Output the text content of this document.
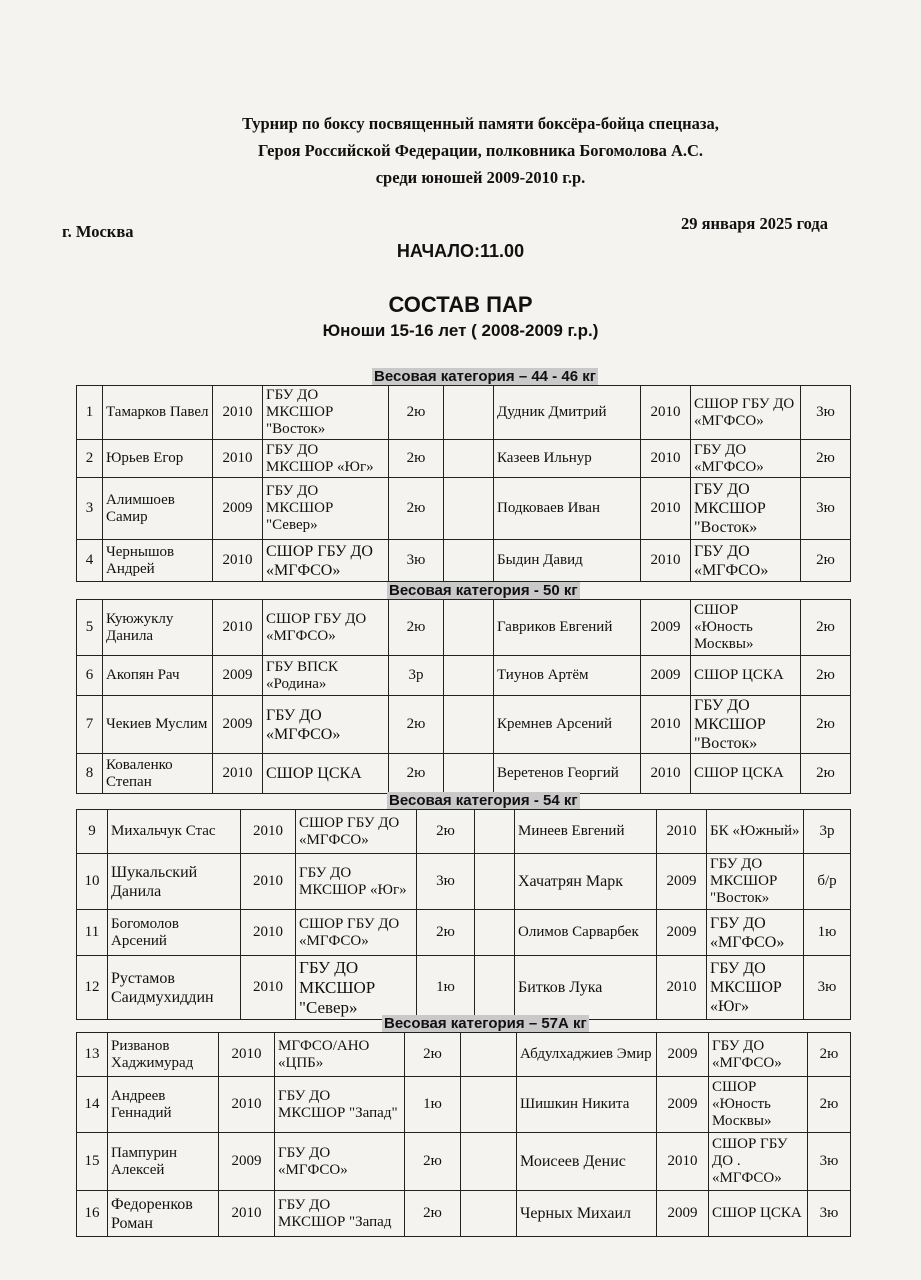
Турнир по боксу посвященный памяти боксёра-бойца спецназа,
Героя Российской Федерации, полковника Богомолова А.С.
среди юношей 2009-2010 г.р.
г. Москва	29 января 2025 года
НАЧАЛО:11.00
СОСТАВ ПАР
Юноши 15-16 лет ( 2008-2009 г.р.)
Весовая категория – 44 - 46 кг
1	Тамарков Павел	2010	ГБУ ДО МКСШОР "Восток»	2ю		Дудник Дмитрий	2010	СШОР ГБУ ДО «МГФСО»	3ю
2	Юрьев Егор	2010	ГБУ ДО МКСШОР «Юг»	2ю		Казеев Ильнур	2010	ГБУ ДО «МГФСО»	2ю
3	Алимшоев Самир	2009	ГБУ ДО МКСШОР "Север»	2ю		Подковаев Иван	2010	ГБУ ДО МКСШОР "Восток»	3ю
4	Чернышов Андрей	2010	СШОР ГБУ ДО «МГФСО»	3ю		Быдин Давид	2010	ГБУ ДО «МГФСО»	2ю
Весовая категория - 50 кг
5	Куюжуклу Данила	2010	СШОР ГБУ ДО «МГФСО»	2ю		Гавриков Евгений	2009	СШОР «Юность Москвы»	2ю
6	Акопян Рач	2009	ГБУ ВПСК «Родина»	3р		Тиунов Артём	2009	СШОР ЦСКА	2ю
7	Чекиев Муслим	2009	ГБУ ДО «МГФСО»	2ю		Кремнев Арсений	2010	ГБУ ДО МКСШОР "Восток»	2ю
8	Коваленко Степан	2010	СШОР ЦСКА	2ю		Веретенов Георгий	2010	СШОР ЦСКА	2ю
Весовая категория - 54 кг
9	Михальчук Стас	2010	СШОР ГБУ ДО «МГФСО»	2ю		Минеев Евгений	2010	БК «Южный»	3р
10	Шукальский Данила	2010	ГБУ ДО МКСШОР «Юг»	3ю		Хачатрян Марк	2009	ГБУ ДО МКСШОР "Восток»	б/р
11	Богомолов Арсений	2010	СШОР ГБУ ДО «МГФСО»	2ю		Олимов Сарварбек	2009	ГБУ ДО «МГФСО»	1ю
12	Рустамов Саидмухиддин	2010	ГБУ ДО МКСШОР "Север»	1ю		Битков Лука	2010	ГБУ ДО МКСШОР «Юг»	3ю
Весовая категория – 57А кг
13	Ризванов Хаджимурад	2010	МГФСО/АНО «ЦПБ»	2ю		Абдулхаджиев Эмир	2009	ГБУ ДО «МГФСО»	2ю
14	Андреев Геннадий	2010	ГБУ ДО МКСШОР "Запад"	1ю		Шишкин Никита	2009	СШОР «Юность Москвы»	2ю
15	Пампурин Алексей	2009	ГБУ ДО «МГФСО»	2ю		Моисеев Денис	2010	СШОР ГБУ ДО . «МГФСО»	3ю
16	Федоренков Роман	2010	ГБУ ДО МКСШОР "Запад	2ю		Черных Михаил	2009	СШОР ЦСКА	3ю
